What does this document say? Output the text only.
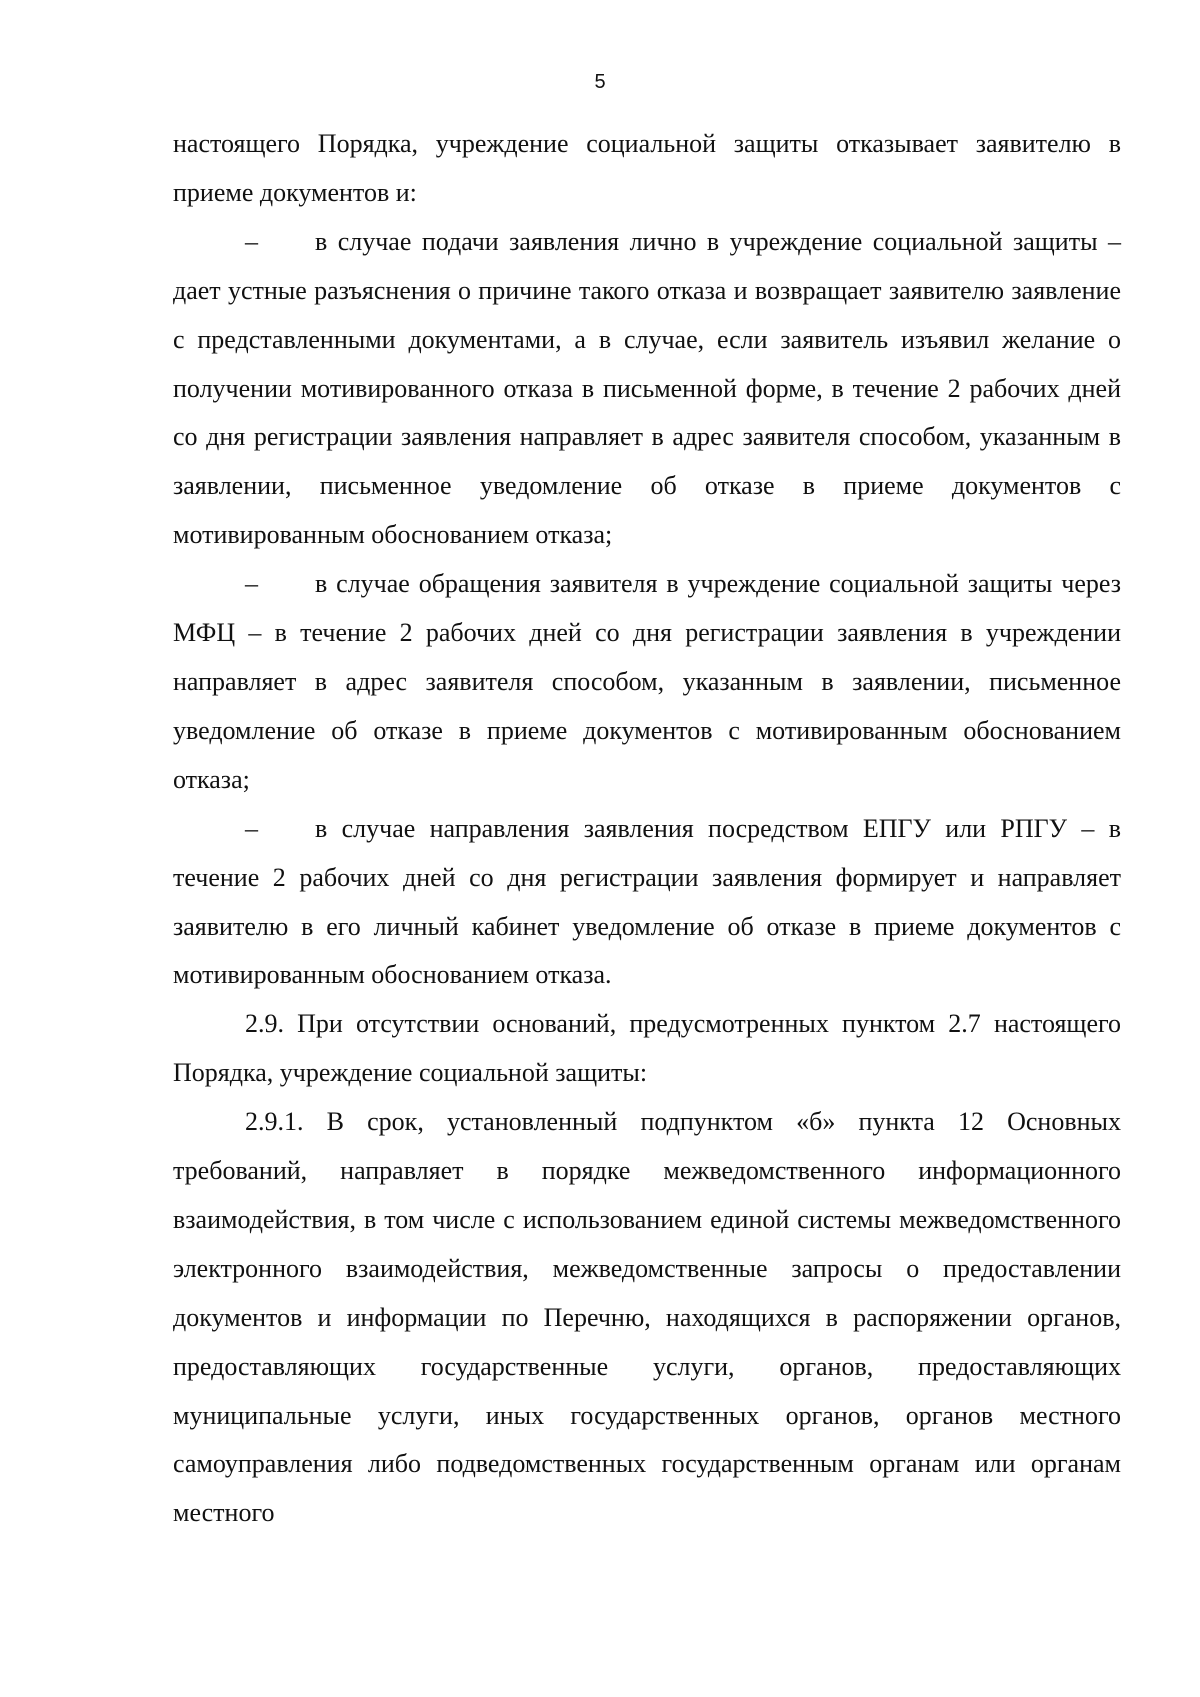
5

настоящего Порядка, учреждение социальной защиты отказывает заявителю в приеме документов и:

– в случае подачи заявления лично в учреждение социальной защиты – дает устные разъяснения о причине такого отказа и возвращает заявителю заявление с представленными документами, а в случае, если заявитель изъявил желание о получении мотивированного отказа в письменной форме, в течение 2 рабочих дней со дня регистрации заявления направляет в адрес заявителя способом, указанным в заявлении, письменное уведомление об отказе в приеме документов с мотивированным обоснованием отказа;

– в случае обращения заявителя в учреждение социальной защиты через МФЦ – в течение 2 рабочих дней со дня регистрации заявления в учреждении направляет в адрес заявителя способом, указанным в заявлении, письменное уведомление об отказе в приеме документов с мотивированным обоснованием отказа;

– в случае направления заявления посредством ЕПГУ или РПГУ – в течение 2 рабочих дней со дня регистрации заявления формирует и направляет заявителю в его личный кабинет уведомление об отказе в приеме документов с мотивированным обоснованием отказа.

2.9. При отсутствии оснований, предусмотренных пунктом 2.7 настоящего Порядка, учреждение социальной защиты:

2.9.1. В срок, установленный подпунктом «б» пункта 12 Основных требований, направляет в порядке межведомственного информационного взаимодействия, в том числе с использованием единой системы межведомственного электронного взаимодействия, межведомственные запросы о предоставлении документов и информации по Перечню, находящихся в распоряжении органов, предоставляющих государственные услуги, органов, предоставляющих муниципальные услуги, иных государственных органов, органов местного самоуправления либо подведомственных государственным органам или органам местного
